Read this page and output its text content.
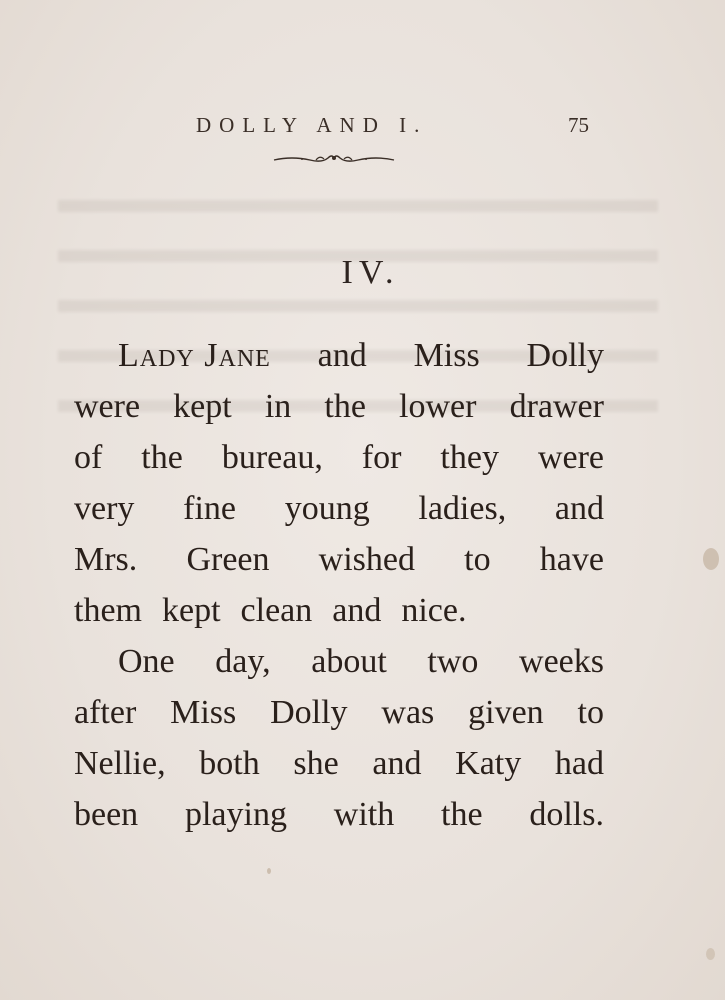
DOLLY AND I.	75
IV.
Lady Jane and Miss Dolly
were kept in the lower drawer
of the bureau, for they were
very fine young ladies, and
Mrs. Green wished to have
them kept clean and nice.
One day, about two weeks
after Miss Dolly was given to
Nellie, both she and Katy had
been playing with the dolls.
